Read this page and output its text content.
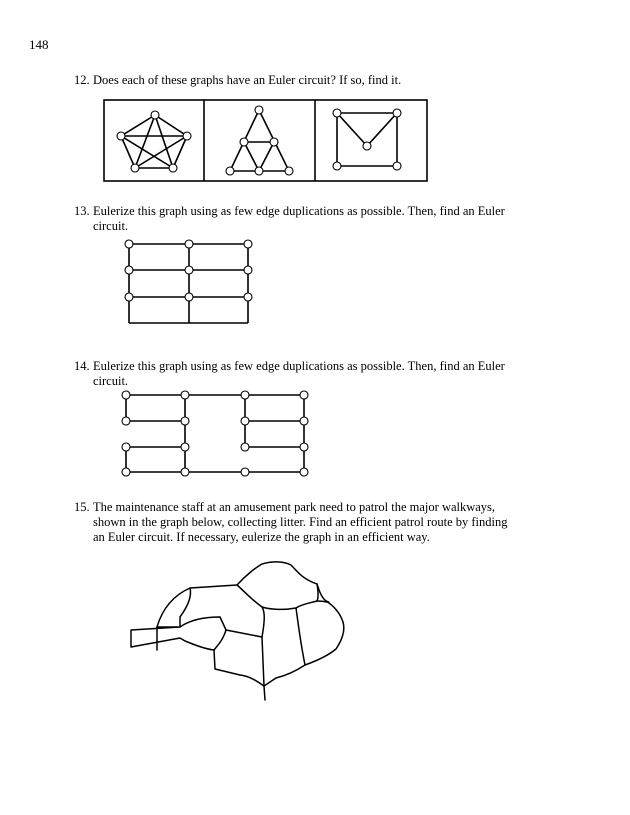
148
12. Does each of these graphs have an Euler circuit? If so, find it.
13. Eulerize this graph using as few edge duplications as possible. Then, find an Euler
circuit.
14. Eulerize this graph using as few edge duplications as possible. Then, find an Euler
circuit.
15. The maintenance staff at an amusement park need to patrol the major walkways,
shown in the graph below, collecting litter. Find an efficient patrol route by finding
an Euler circuit. If necessary, eulerize the graph in an efficient way.
